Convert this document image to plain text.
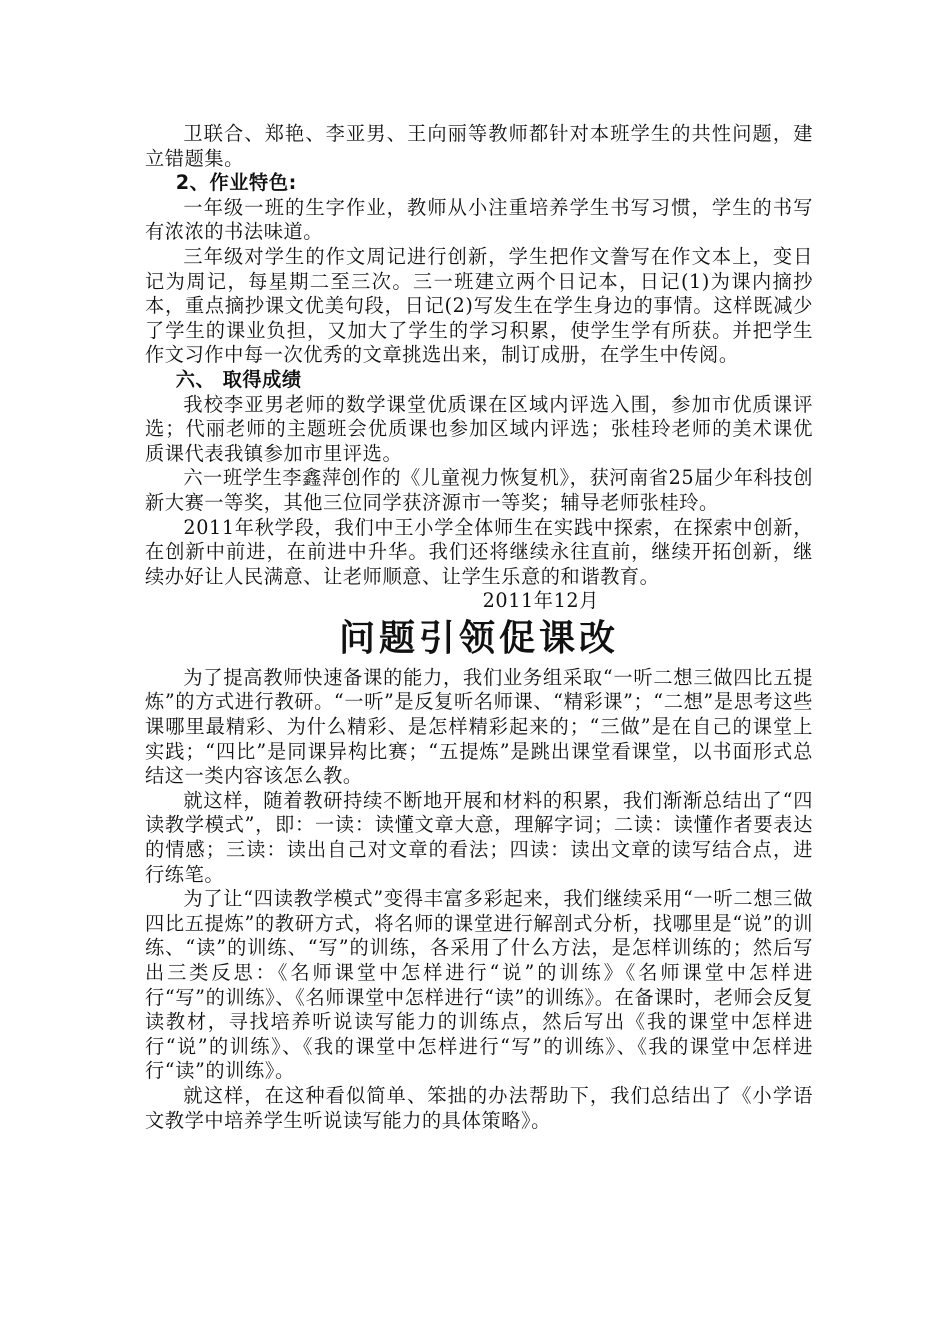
卫联合、郑艳、李亚男、王向丽等教师都针对本班学生的共性问题，建立错题集。

2、作业特色:

一年级一班的生字作业，教师从小注重培养学生书写习惯，学生的书写有浓浓的书法味道。

三年级对学生的作文周记进行创新，学生把作文誊写在作文本上，变日记为周记，每星期二至三次。三一班建立两个日记本，日记(1)为课内摘抄本，重点摘抄课文优美句段，日记(2)写发生在学生身边的事情。这样既减少了学生的课业负担，又加大了学生的学习积累，使学生学有所获。并把学生作文习作中每一次优秀的文章挑选出来，制订成册，在学生中传阅。

六、 取得成绩

我校李亚男老师的数学课堂优质课在区域内评选入围，参加市优质课评选；代丽老师的主题班会优质课也参加区域内评选；张桂玲老师的美术课优质课代表我镇参加市里评选。

六一班学生李鑫萍创作的《儿童视力恢复机》，获河南省25届少年科技创新大赛一等奖，其他三位同学获济源市一等奖；辅导老师张桂玲。

2011年秋学段，我们中王小学全体师生在实践中探索，在探索中创新，在创新中前进，在前进中升华。我们还将继续永往直前，继续开拓创新，继续办好让人民满意、让老师顺意、让学生乐意的和谐教育。

2011年12月

问题引领促课改

为了提高教师快速备课的能力，我们业务组采取“一听二想三做四比五提炼”的方式进行教研。“一听”是反复听名师课、“精彩课”；“二想”是思考这些课哪里最精彩、为什么精彩、是怎样精彩起来的；“三做”是在自己的课堂上实践；“四比”是同课异构比赛；“五提炼”是跳出课堂看课堂，以书面形式总结这一类内容该怎么教。

就这样，随着教研持续不断地开展和材料的积累，我们渐渐总结出了“四读教学模式”，即：一读：读懂文章大意，理解字词；二读：读懂作者要表达的情感；三读：读出自己对文章的看法；四读：读出文章的读写结合点，进行练笔。

为了让“四读教学模式”变得丰富多彩起来，我们继续采用“一听二想三做四比五提炼”的教研方式，将名师的课堂进行解剖式分析，找哪里是“说”的训练、“读”的训练、“写”的训练，各采用了什么方法，是怎样训练的；然后写出三类反思：《名师课堂中怎样进行“说”的训练》《名师课堂中怎样进行“写”的训练》、《名师课堂中怎样进行“读”的训练》。在备课时，老师会反复读教材，寻找培养听说读写能力的训练点，然后写出《我的课堂中怎样进行“说”的训练》、《我的课堂中怎样进行“写”的训练》、《我的课堂中怎样进行“读”的训练》。

就这样，在这种看似简单、笨拙的办法帮助下，我们总结出了《小学语文教学中培养学生听说读写能力的具体策略》。
